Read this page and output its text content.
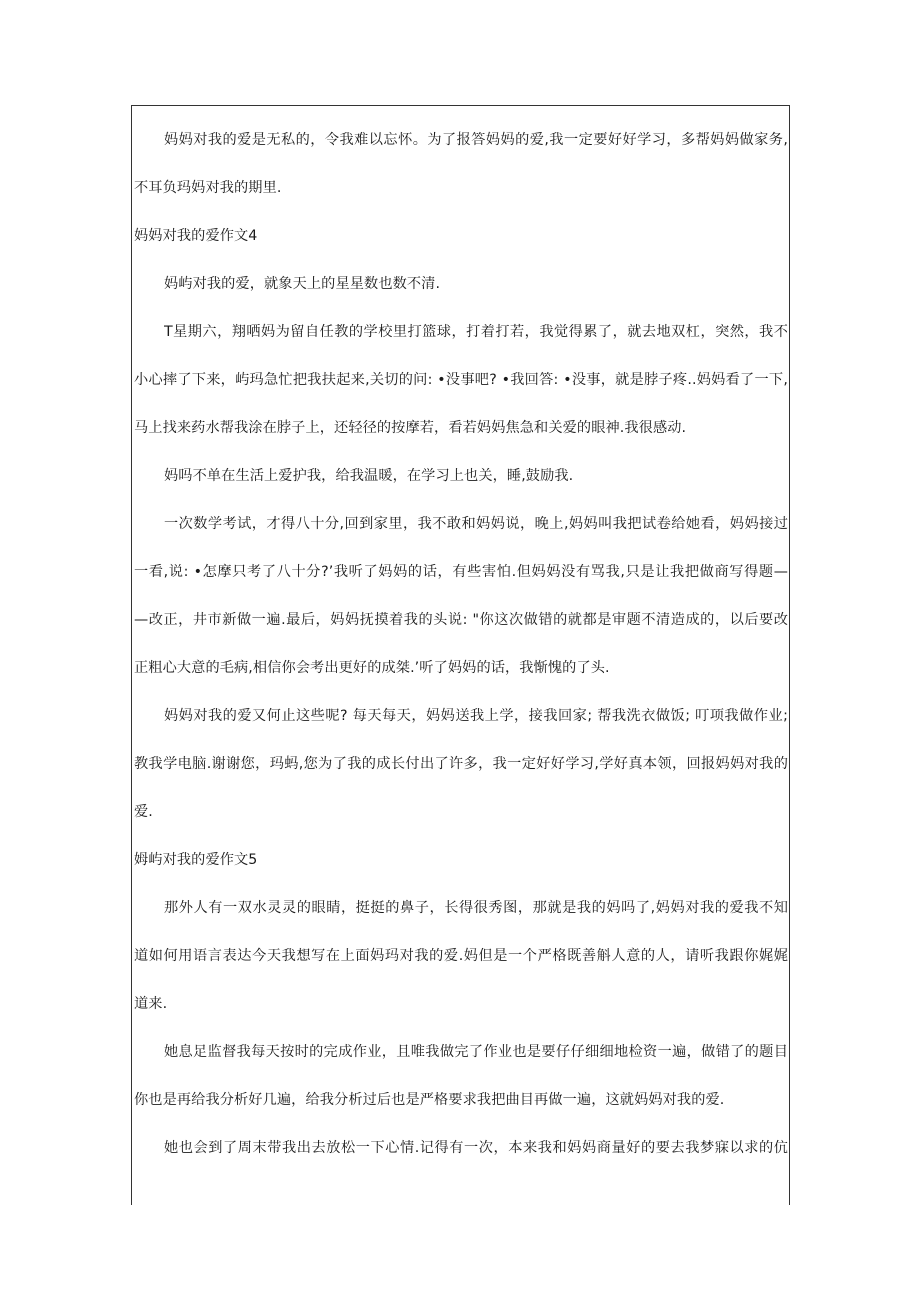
妈妈对我的爱是无私的，令我难以忘怀。为了报答妈妈的爱,我一定要好好学习，多帮妈妈做家务,
不耳负玛妈对我的期里.
妈妈对我的爱作文4
妈屿对我的爱，就象天上的星星数也数不清.
T星期六，翔哂妈为留自任教的学校里打篮球，打着打若，我觉得累了，就去地双杠，突然，我不
小心摔了下来，屿玛急忙把我扶起来,关切的问: •没事吧? •我回答: •没事，就是脖子疼..妈妈看了一下,
马上找来药水帮我涂在脖子上，还轻径的按摩若，看若妈妈焦急和关爱的眼神.我很感动.
妈吗不单在生活上爱护我，给我温暖，在学习上也关，睡,鼓励我.
一次数学考试，才得八十分,回到家里，我不敢和妈妈说，晚上,妈妈叫我把试卷给她看，妈妈接过
一看,说: •怎摩只考了八十分?’我听了妈妈的话，有些害怕.但妈妈没有骂我,只是让我把做商写得题—
—改正，井市新做一遍.最后，妈妈抚摸着我的头说: "你这次做错的就都是审题不清造成的，以后要改
正粗心大意的毛病,相信你会考出更好的成桀.’听了妈妈的话，我惭愧的了头.
妈妈对我的爱又何止这些呢? 每天每天，妈妈送我上学，接我回家; 帮我洗衣做饭; 叮项我做作业;
教我学电脑.谢谢您，玛蚂,您为了我的成长付出了许多，我一定好好学习,学好真本领，回报妈妈对我的
爱.
姆屿对我的爱作文5
那外人有一双水灵灵的眼睛，挺挺的鼻子，长得很秀图，那就是我的妈吗了,妈妈对我的爱我不知
道如何用语言表达今天我想写在上面妈玛对我的爱.妈但是一个严格既善斛人意的人，请听我跟你娓娓
道来.
她息足监督我每天按时的完成作业，且唯我做完了作业也是要仔仔细细地检资一遍，做错了的题目
你也是再给我分析好几遍，给我分析过后也是严格要求我把曲目再做一遍，这就妈妈对我的爱.
她也会到了周末带我出去放松一下心情.记得有一次，本来我和妈妈商量好的要去我梦寐以求的伉
